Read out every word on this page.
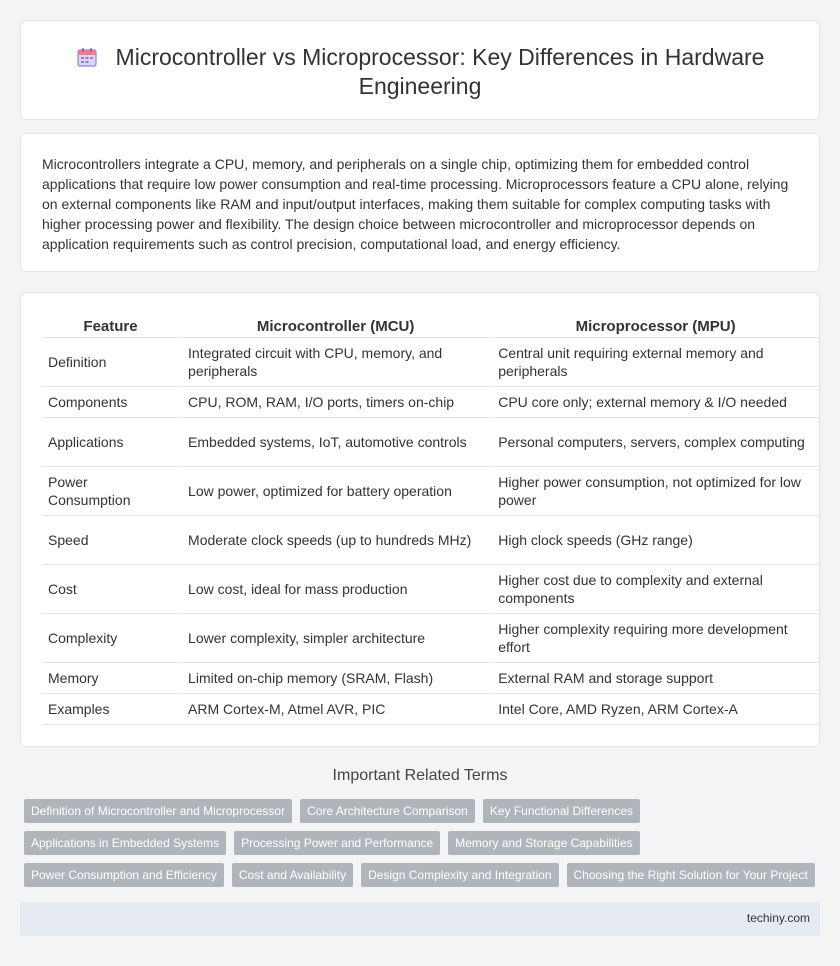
Microcontroller vs Microprocessor: Key Differences in Hardware Engineering

Microcontrollers integrate a CPU, memory, and peripherals on a single chip, optimizing them for embedded control applications that require low power consumption and real-time processing. Microprocessors feature a CPU alone, relying on external components like RAM and input/output interfaces, making them suitable for complex computing tasks with higher processing power and flexibility. The design choice between microcontroller and microprocessor depends on application requirements such as control precision, computational load, and energy efficiency.

Feature	Microcontroller (MCU)	Microprocessor (MPU)
Definition	Integrated circuit with CPU, memory, and peripherals	Central unit requiring external memory and peripherals
Components	CPU, ROM, RAM, I/O ports, timers on-chip	CPU core only; external memory & I/O needed
Applications	Embedded systems, IoT, automotive controls	Personal computers, servers, complex computing
Power Consumption	Low power, optimized for battery operation	Higher power consumption, not optimized for low power
Speed	Moderate clock speeds (up to hundreds MHz)	High clock speeds (GHz range)
Cost	Low cost, ideal for mass production	Higher cost due to complexity and external components
Complexity	Lower complexity, simpler architecture	Higher complexity requiring more development effort
Memory	Limited on-chip memory (SRAM, Flash)	External RAM and storage support
Examples	ARM Cortex-M, Atmel AVR, PIC	Intel Core, AMD Ryzen, ARM Cortex-A
Important Related Terms
Definition of Microcontroller and Microprocessor	Core Architecture Comparison	Key Functional Differences
Applications in Embedded Systems	Processing Power and Performance	Memory and Storage Capabilities
Power Consumption and Efficiency	Cost and Availability	Design Complexity and Integration	Choosing the Right Solution for Your Project
techiny.com
